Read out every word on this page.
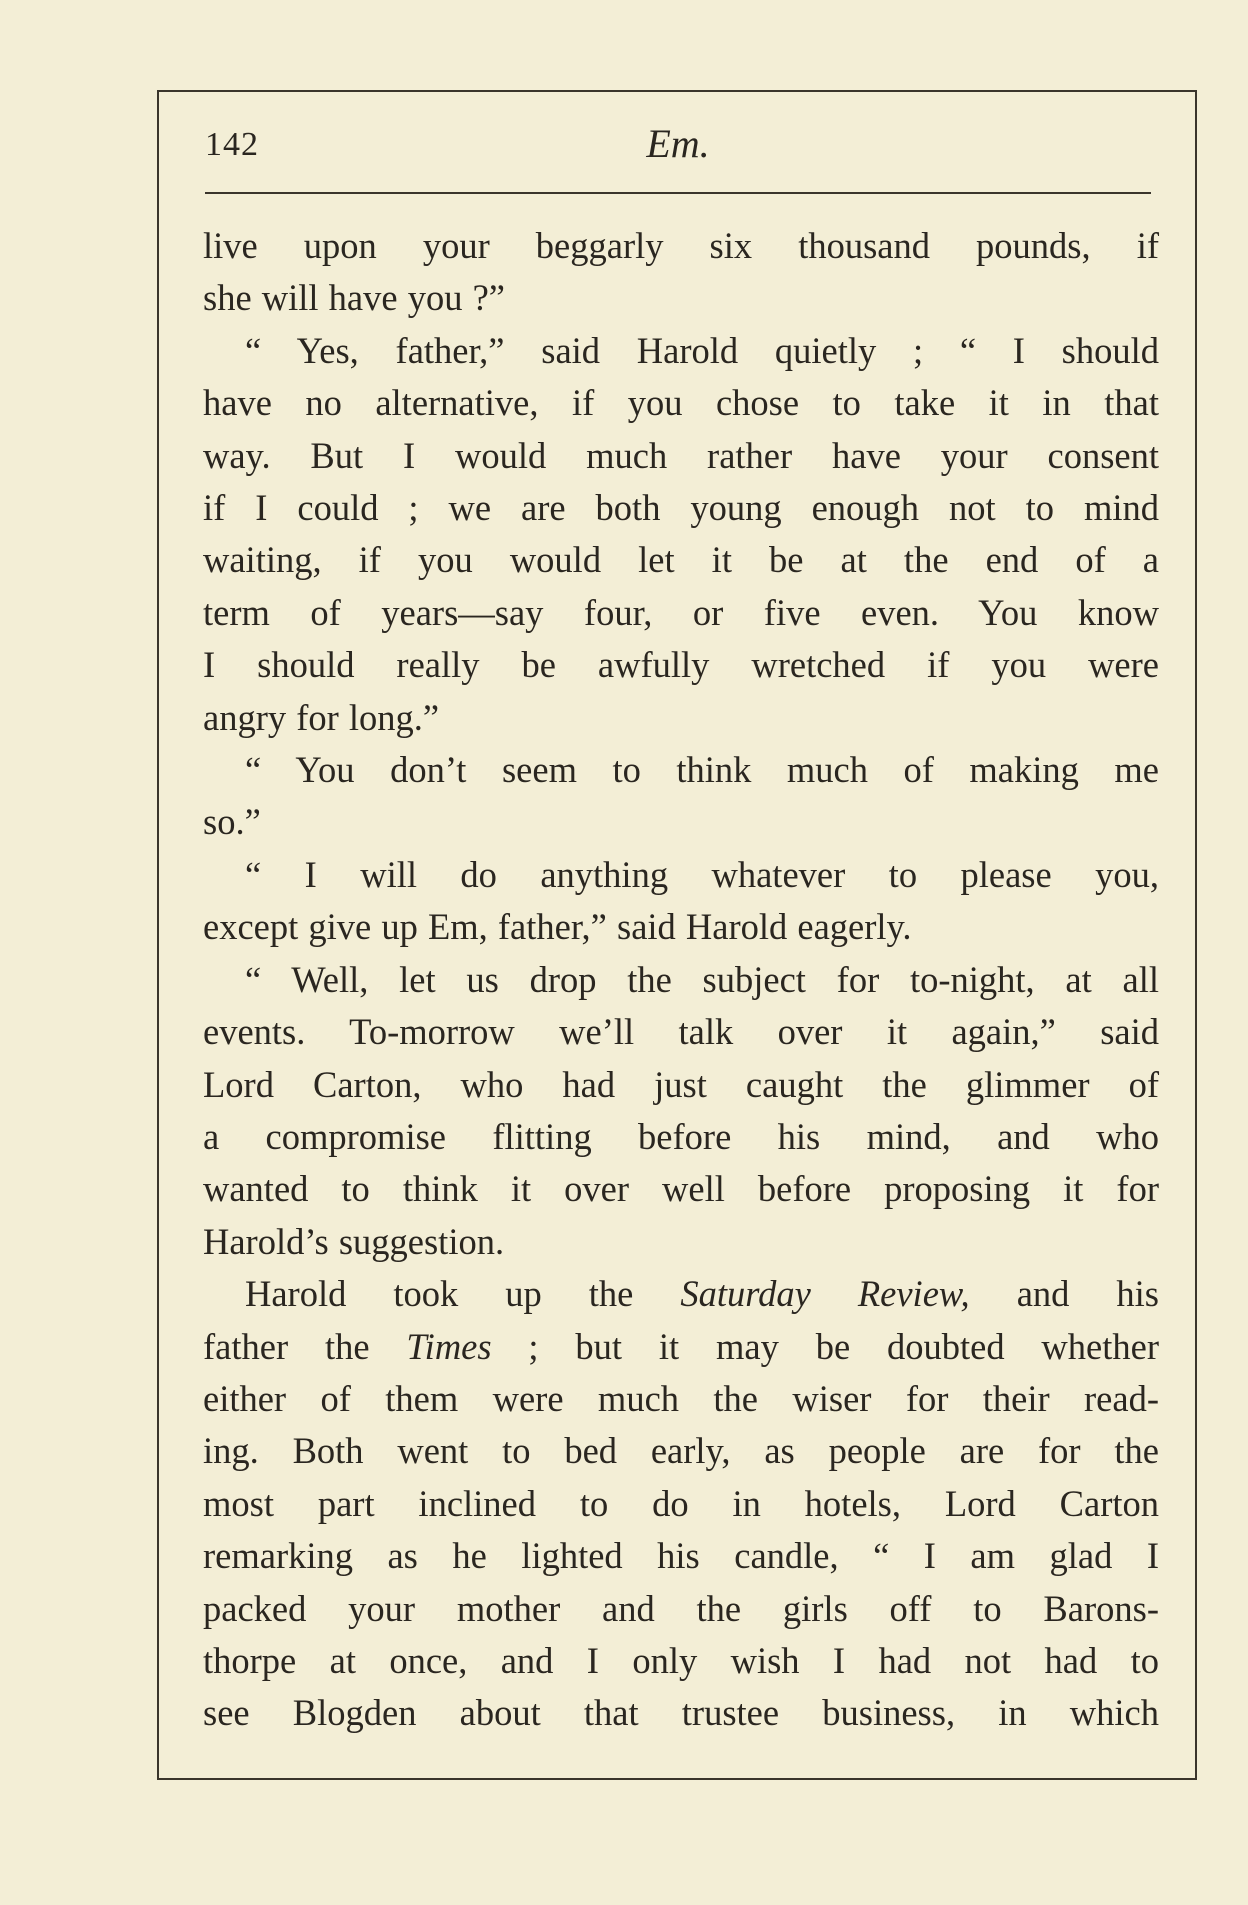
142	Em.
live upon your beggarly six thousand pounds, if
she will have you ?”
“ Yes, father,” said Harold quietly ; “ I should
have no alternative, if you chose to take it in that
way. But I would much rather have your consent
if I could ; we are both young enough not to mind
waiting, if you would let it be at the end of a
term of years—say four, or five even. You know
I should really be awfully wretched if you were
angry for long.”
“ You don’t seem to think much of making me
so.”
“ I will do anything whatever to please you,
except give up Em, father,” said Harold eagerly.
“ Well, let us drop the subject for to-night, at all
events. To-morrow we’ll talk over it again,” said
Lord Carton, who had just caught the glimmer of
a compromise flitting before his mind, and who
wanted to think it over well before proposing it for
Harold’s suggestion.
Harold took up the Saturday Review, and his
father the Times ; but it may be doubted whether
either of them were much the wiser for their read-
ing. Both went to bed early, as people are for the
most part inclined to do in hotels, Lord Carton
remarking as he lighted his candle, “ I am glad I
packed your mother and the girls off to Barons-
thorpe at once, and I only wish I had not had to
see Blogden about that trustee business, in which
